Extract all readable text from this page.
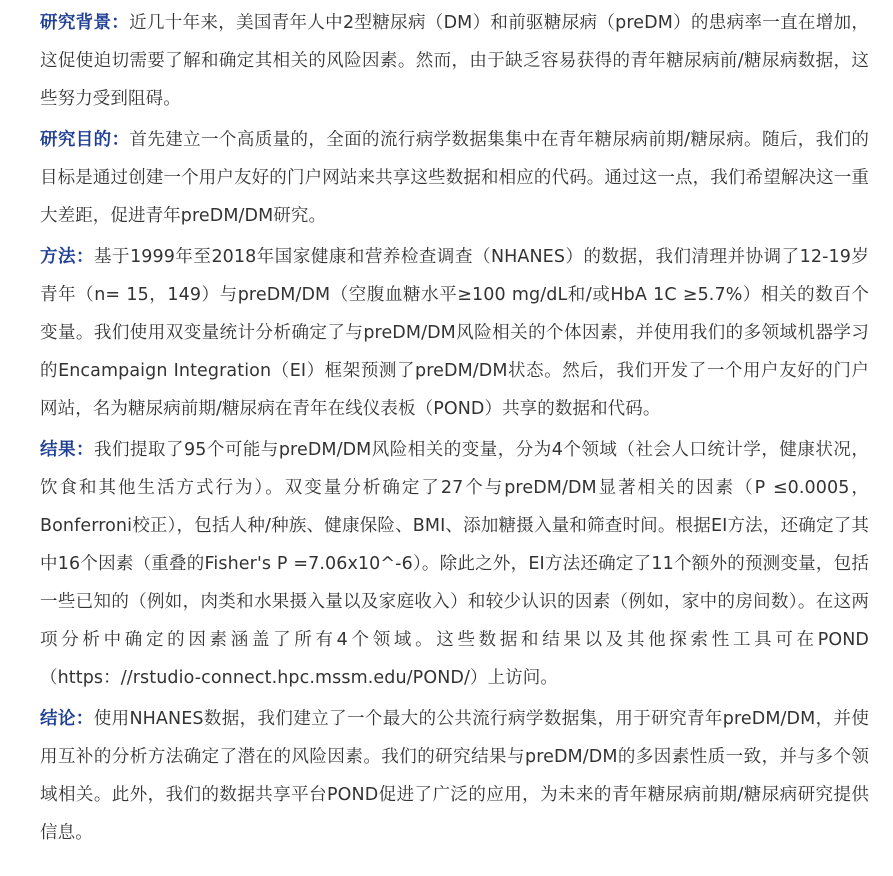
研究背景：近几十年来，美国青年人中2型糖尿病（DM）和前驱糖尿病（preDM）的患病率一直在增加，这促使迫切需要了解和确定其相关的风险因素。然而，由于缺乏容易获得的青年糖尿病前/糖尿病数据，这些努力受到阻碍。

研究目的：首先建立一个高质量的，全面的流行病学数据集集中在青年糖尿病前期/糖尿病。随后，我们的目标是通过创建一个用户友好的门户网站来共享这些数据和相应的代码。通过这一点，我们希望解决这一重大差距，促进青年preDM/DM研究。

方法：基于1999年至2018年国家健康和营养检查调查（NHANES）的数据，我们清理并协调了12-19岁青年（n= 15，149）与preDM/DM（空腹血糖水平≥100 mg/dL和/或HbA 1C ≥5.7%）相关的数百个变量。我们使用双变量统计分析确定了与preDM/DM风险相关的个体因素，并使用我们的多领域机器学习的Encampaign Integration（EI）框架预测了preDM/DM状态。然后，我们开发了一个用户友好的门户网站，名为糖尿病前期/糖尿病在青年在线仪表板（POND）共享的数据和代码。

结果：我们提取了95个可能与preDM/DM风险相关的变量，分为4个领域（社会人口统计学，健康状况，饮食和其他生活方式行为）。双变量分析确定了27个与preDM/DM显著相关的因素（P ≤0.0005，Bonferroni校正），包括人种/种族、健康保险、BMI、添加糖摄入量和筛查时间。根据EI方法，还确定了其中16个因素（重叠的Fisher's P =7.06x10^-6）。除此之外，EI方法还确定了11个额外的预测变量，包括一些已知的（例如，肉类和水果摄入量以及家庭收入）和较少认识的因素（例如，家中的房间数）。在这两项分析中确定的因素涵盖了所有4个领域。这些数据和结果以及其他探索性工具可在POND（https：//rstudio-connect.hpc.mssm.edu/POND/）上访问。

结论：使用NHANES数据，我们建立了一个最大的公共流行病学数据集，用于研究青年preDM/DM，并使用互补的分析方法确定了潜在的风险因素。我们的研究结果与preDM/DM的多因素性质一致，并与多个领域相关。此外，我们的数据共享平台POND促进了广泛的应用，为未来的青年糖尿病前期/糖尿病研究提供信息。
